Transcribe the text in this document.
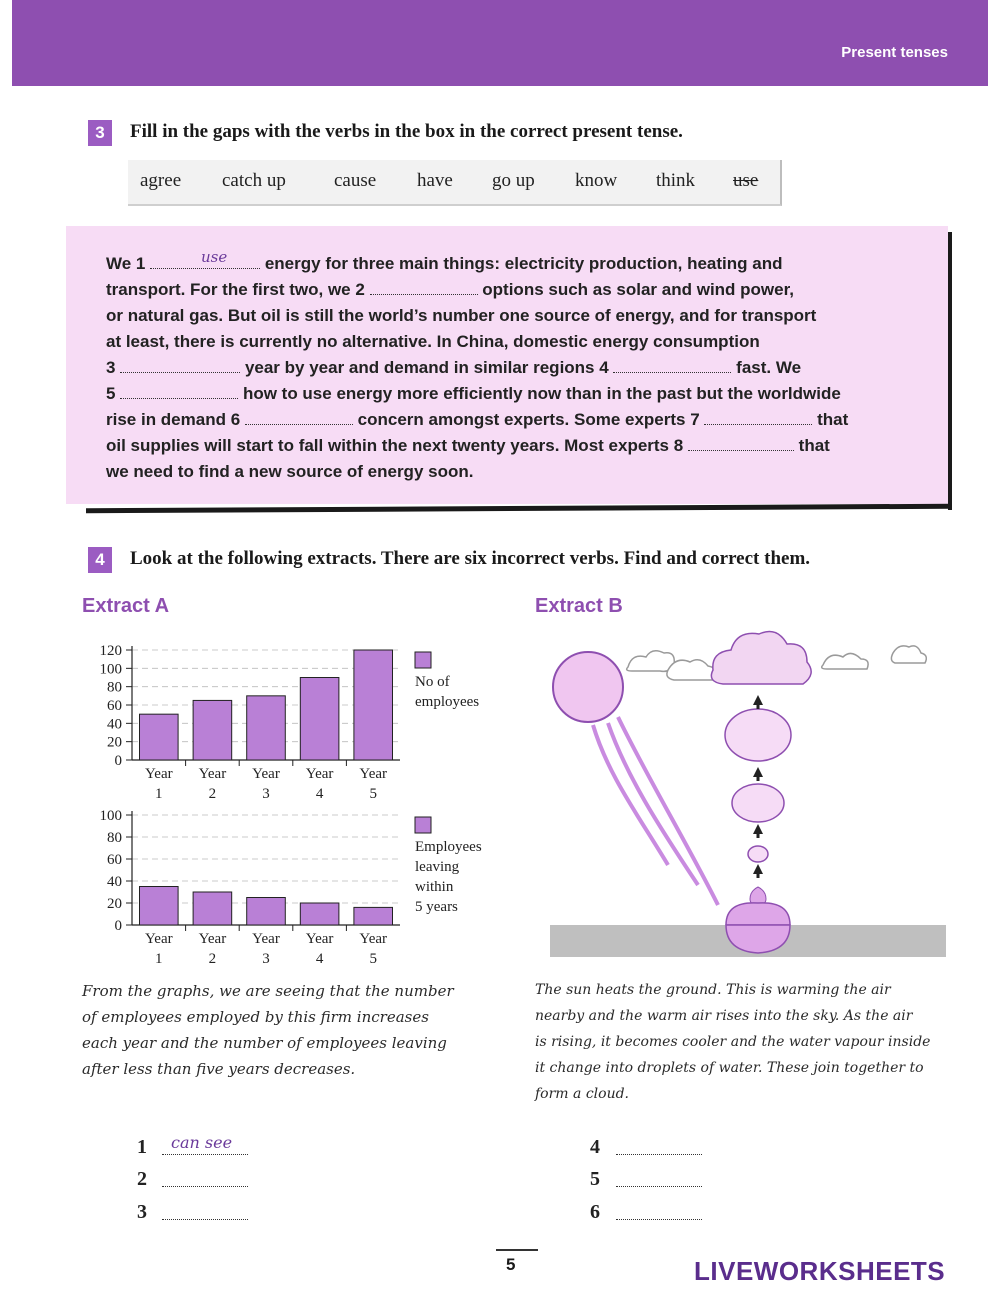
Present tenses
3	Fill in the gaps with the verbs in the box in the correct present tense.
agree catch up	cause have go up know think use
We 1	energy for three main things: electricity production, heating and
use
transport. For the first two, we 2	options such as solar and wind power,
or natural gas. But oil is still the world’s number one source of energy, and for transport
at least, there is currently no alternative. In China, domestic energy consumption
3	year by year and demand in similar regions 4	fast. We
5	how to use energy more efficiently now than in the past but the worldwide
rise in demand 6	concern amongst experts. Some experts 7	that
oil supplies will start to fall within the next twenty years. Most experts 8	that
we need to find a new source of energy soon.
4	Look at the following extracts. There are six incorrect verbs. Find and correct them.
Extract A	Extract B
0
20
40
60
80
100
120
Year
1
Year
2
Year
3
Year
4
Year
5
No of
employees
0
20
40
60
80
100
Year
1
Year
2
Year
3
Year
4
Year
5
Employees
leaving
within
5 years
From the graphs, we are seeing that the number
of employees employed by this firm increases
each year and the number of employees leaving
after less than five years decreases.
The sun heats the ground. This is warming the air
nearby and the warm air rises into the sky. As the air
is rising, it becomes cooler and the water vapour inside
it change into droplets of water. These join together to
form a cloud.
1 can see
2
3
4
5
6
5	LIVEWORKSHEETS
